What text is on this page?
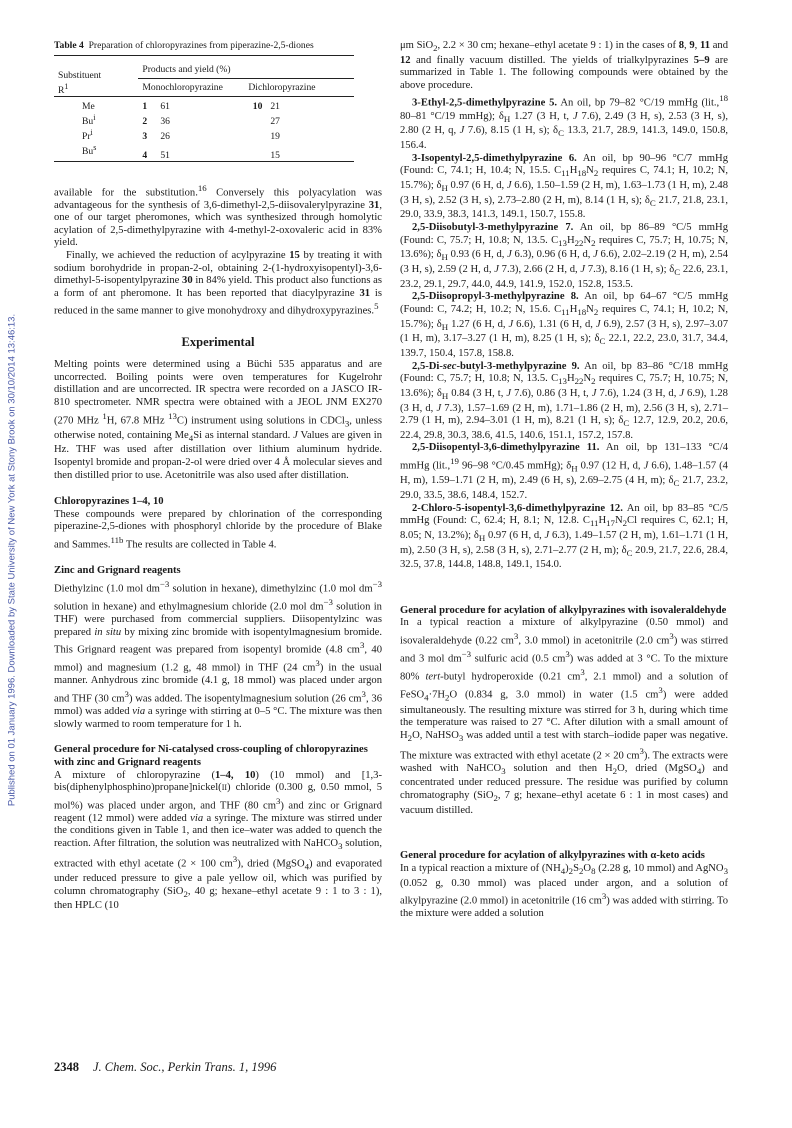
Published on 01 January 1996. Downloaded by State University of New York at Stony Brook on 30/10/2014 13:46:13.
Table 4 Preparation of chloropyrazines from piperazine-2,5-diones
Substituent
$R^1$	Products and yield (%)			
	Monochloropyrazine		Dichloropyrazine	

Me	1	61	10	21
Bu$^i$	2	36		27
Pr$^i$	3	26		19
Bu$^s$	4	51		15

available for the substitution.$^{16}$ Conversely this polyacylation was advantageous for the synthesis of 3,6-dimethyl-2,5-diisovalerylpyrazine 31, one of our target pheromones, which was synthesized through homolytic acylation of 2,5-dimethylpyrazine with 4-methyl-2-oxovaleric acid in 83% yield.

Finally, we achieved the reduction of acylpyrazine 15 by treating it with sodium borohydride in propan-2-ol, obtaining 2-(1-hydroxyisopentyl)-3,6-dimethyl-5-isopentylpyrazine 30 in 84% yield. This product also functions as a form of ant pheromone. It has been reported that diacylpyrazine 31 is reduced in the same manner to give monohydroxy and dihydroxypyrazines.$^5$

Experimental

Melting points were determined using a Büchi 535 apparatus and are uncorrected. Boiling points were oven temperatures for Kugelrohr distillation and are uncorrected. IR spectra were recorded on a JASCO IR-810 spectrometer. NMR spectra were obtained with a JEOL JNM EX270 (270 MHz $^1$H, 67.8 MHz $^{13}$C) instrument using solutions in CDCl$_3$, unless otherwise noted, containing $Me_4Si$ as internal standard. J Values are given in Hz. THF was used after distillation over lithium aluminum hydride. Isopentyl bromide and propan-2-ol were dried over 4 Å molecular sieves and then distilled prior to use. Acetonitrile was also used after distillation.

Chloropyrazines 1–4, 10

These compounds were prepared by chlorination of the corresponding piperazine-2,5-diones with phosphoryl chloride by the procedure of Blake and Sammes.$^{11b}$ The results are collected in Table 4.

Zinc and Grignard reagents

Diethylzinc (1.0 mol $dm^{-3}$ solution in hexane), dimethylzinc (1.0 mol $dm^{-3}$ solution in hexane) and ethylmagnesium chloride (2.0 mol $dm^{-3}$ solution in THF) were purchased from commercial suppliers. Diisopentylzinc was prepared in situ by mixing zinc bromide with isopentylmagnesium bromide. This Grignard reagent was prepared from isopentyl bromide (4.8 $cm^3$, 40 mmol) and magnesium (1.2 g, 48 mmol) in THF (24 $cm^3$) in the usual manner. Anhydrous zinc bromide (4.1 g, 18 mmol) was placed under argon and THF (30 $cm^3$) was added. The isopentylmagnesium solution (26 $cm^3$, 36 mmol) was added via a syringe with stirring at 0–5 °C. The mixture was then slowly warmed to room temperature for 1 h.

General procedure for Ni-catalysed cross-coupling of chloropyrazines with zinc and Grignard reagents

A mixture of chloropyrazine (1–4, 10) (10 mmol) and [1,3-bis(diphenylphosphino)propane]nickel(II) chloride (0.300 g, 0.50 mmol, 5 mol%) was placed under argon, and THF (80 $cm^3$) and zinc or Grignard reagent (12 mmol) were added via a syringe. The mixture was stirred under the conditions given in Table 1, and then ice–water was added to quench the reaction. After filtration, the solution was neutralized with NaHCO$_3$ solution, extracted with ethyl acetate (2 × 100 $cm^3$), dried (MgSO$_4$) and evaporated under reduced pressure to give a pale yellow oil, which was purified by column chromatography (SiO$_2$, 40 g; hexane–ethyl acetate 9 : 1 to 3 : 1), then HPLC (10

μm SiO$_2$, 2.2 × 30 cm; hexane–ethyl acetate 9 : 1) in the cases of 8, 9, 11 and 12 and finally vacuum distilled. The yields of trialkylpyrazines 5–9 are summarized in Table 1. The following compounds were obtained by the above procedure.

3-Ethyl-2,5-dimethylpyrazine 5. An oil, bp 79–82 °C/19 mmHg (lit.,$^{18}$ 80–81 °C/19 mmHg); $\delta_H$ 1.27 (3 H, t, J 7.6), 2.49 (3 H, s), 2.53 (3 H, s), 2.80 (2 H, q, J 7.6), 8.15 (1 H, s); $\delta_C$ 13.3, 21.7, 28.9, 141.3, 149.0, 150.8, 156.4.

3-Isopentyl-2,5-dimethylpyrazine 6. An oil, bp 90–96 °C/7 mmHg (Found: C, 74.1; H, 10.4; N, 15.5. $C_{11}H_{18}N_2$ requires C, 74.1; H, 10.2; N, 15.7%); $\delta_H$ 0.97 (6 H, d, J 6.6), 1.50–1.59 (2 H, m), 1.63–1.73 (1 H, m), 2.48 (3 H, s), 2.52 (3 H, s), 2.73–2.80 (2 H, m), 8.14 (1 H, s); $\delta_C$ 21.7, 21.8, 23.1, 29.0, 33.9, 38.3, 141.3, 149.1, 150.7, 155.8.

2,5-Diisobutyl-3-methylpyrazine 7. An oil, bp 86–89 °C/5 mmHg (Found: C, 75.7; H, 10.8; N, 13.5. $C_{13}H_{22}N_2$ requires C, 75.7; H, 10.75; N, 13.6%); $\delta_H$ 0.93 (6 H, d, J 6.3), 0.96 (6 H, d, J 6.6), 2.02–2.19 (2 H, m), 2.54 (3 H, s), 2.59 (2 H, d, J 7.3), 2.66 (2 H, d, J 7.3), 8.16 (1 H, s); $\delta_C$ 22.6, 23.1, 23.2, 29.1, 29.7, 44.0, 44.9, 141.9, 152.0, 152.8, 153.5.

2,5-Diisopropyl-3-methylpyrazine 8. An oil, bp 64–67 °C/5 mmHg (Found: C, 74.2; H, 10.2; N, 15.6. $C_{11}H_{18}N_2$ requires C, 74.1; H, 10.2; N, 15.7%); $\delta_H$ 1.27 (6 H, d, J 6.6), 1.31 (6 H, d, J 6.9), 2.57 (3 H, s), 2.97–3.07 (1 H, m), 3.17–3.27 (1 H, m), 8.25 (1 H, s); $\delta_C$ 22.1, 22.2, 23.0, 31.7, 34.4, 139.7, 150.4, 157.8, 158.8.

2,5-Di-sec-butyl-3-methylpyrazine 9. An oil, bp 83–86 °C/18 mmHg (Found: C, 75.7; H, 10.8; N, 13.5. $C_{13}H_{22}N_2$ requires C, 75.7; H, 10.75; N, 13.6%); $\delta_H$ 0.84 (3 H, t, J 7.6), 0.86 (3 H, t, J 7.6), 1.24 (3 H, d, J 6.9), 1.28 (3 H, d, J 7.3), 1.57–1.69 (2 H, m), 1.71–1.86 (2 H, m), 2.56 (3 H, s), 2.71–2.79 (1 H, m), 2.94–3.01 (1 H, m), 8.21 (1 H, s); $\delta_C$ 12.7, 12.9, 20.2, 20.6, 22.4, 29.8, 30.3, 38.6, 41.5, 140.6, 151.1, 157.2, 157.8.

2,5-Diisopentyl-3,6-dimethylpyrazine 11. An oil, bp 131–133 °C/4 mmHg (lit.,$^{19}$ 96–98 °C/0.45 mmHg); $\delta_H$ 0.97 (12 H, d, J 6.6), 1.48–1.57 (4 H, m), 1.59–1.71 (2 H, m), 2.49 (6 H, s), 2.69–2.75 (4 H, m); $\delta_C$ 21.7, 23.2, 29.0, 33.5, 38.6, 148.4, 152.7.

2-Chloro-5-isopentyl-3,6-dimethylpyrazine 12. An oil, bp 83–85 °C/5 mmHg (Found: C, 62.4; H, 8.1; N, 12.8. $C_{11}H_{17}N_2Cl$ requires C, 62.1; H, 8.05; N, 13.2%); $\delta_H$ 0.97 (6 H, d, J 6.3), 1.49–1.57 (2 H, m), 1.61–1.71 (1 H, m), 2.50 (3 H, s), 2.58 (3 H, s), 2.71–2.77 (2 H, m); $\delta_C$ 20.9, 21.7, 22.6, 28.4, 32.5, 37.8, 144.8, 148.8, 149.1, 154.0.

General procedure for acylation of alkylpyrazines with isovaleraldehyde

In a typical reaction a mixture of alkylpyrazine (0.50 mmol) and isovaleraldehyde (0.22 $cm^3$, 3.0 mmol) in acetonitrile (2.0 $cm^3$) was stirred and 3 mol $dm^{-3}$ sulfuric acid (0.5 $cm^3$) was added at 3 °C. To the mixture 80% tert-butyl hydroperoxide (0.21 $cm^3$, 2.1 mmol) and a solution of $FeSO_4\cdot 7H_2O$ (0.834 g, 3.0 mmol) in water (1.5 $cm^3$) were added simultaneously. The resulting mixture was stirred for 3 h, during which time the temperature was raised to 27 °C. After dilution with a small amount of $H_2O$, NaHSO$_3$ was added until a test with starch–iodide paper was negative. The mixture was extracted with ethyl acetate (2 × 20 $cm^3$). The extracts were washed with NaHCO$_3$ solution and then $H_2O$, dried (MgSO$_4$) and concentrated under reduced pressure. The residue was purified by column chromatography (SiO$_2$, 7 g; hexane–ethyl acetate 6 : 1 in most cases) and vacuum distilled.

General procedure for acylation of alkylpyrazines with α-keto acids

In a typical reaction a mixture of $(NH_4)_2S_2O_8$ (2.28 g, 10 mmol) and AgNO$_3$ (0.052 g, 0.30 mmol) was placed under argon, and a solution of alkylpyrazine (2.0 mmol) in acetonitrile (16 $cm^3$) was added with stirring. To the mixture were added a solution

2348 J. Chem. Soc., Perkin Trans. 1, 1996
